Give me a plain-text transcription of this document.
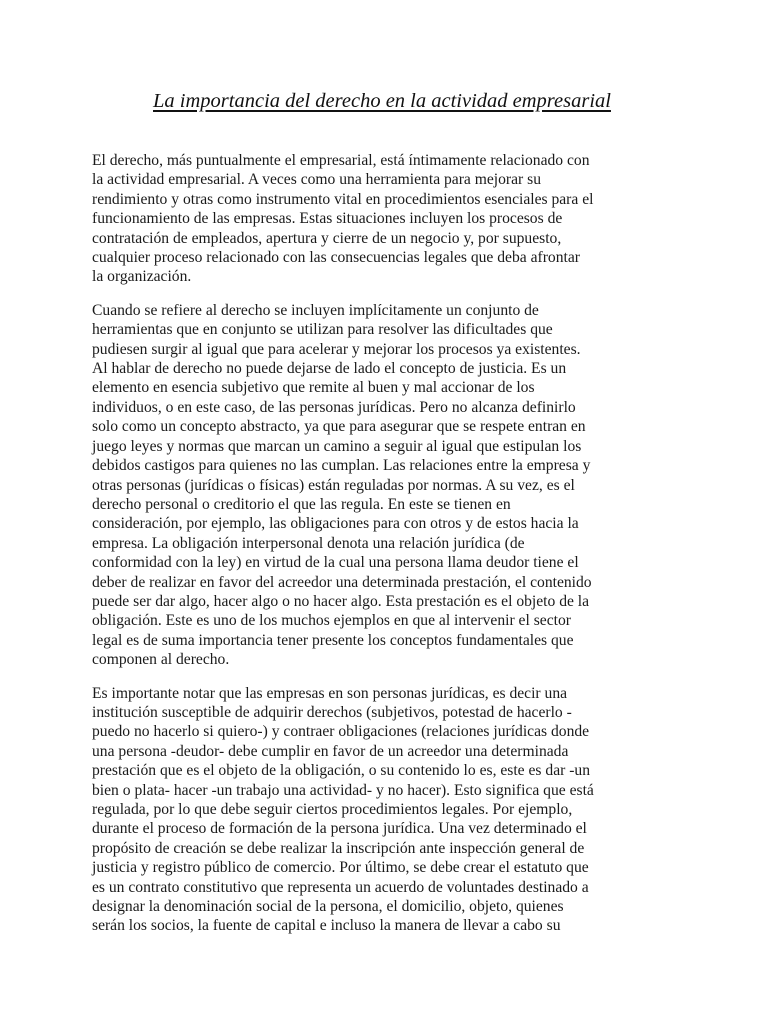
La importancia del derecho en la actividad empresarial

El derecho, más puntualmente el empresarial, está íntimamente relacionado con
la actividad empresarial. A veces como una herramienta para mejorar su
rendimiento y otras como instrumento vital en procedimientos esenciales para el
funcionamiento de las empresas. Estas situaciones incluyen los procesos de
contratación de empleados, apertura y cierre de un negocio y, por supuesto,
cualquier proceso relacionado con las consecuencias legales que deba afrontar
la organización.

Cuando se refiere al derecho se incluyen implícitamente un conjunto de
herramientas que en conjunto se utilizan para resolver las dificultades que
pudiesen surgir al igual que para acelerar y mejorar los procesos ya existentes.
Al hablar de derecho no puede dejarse de lado el concepto de justicia. Es un
elemento en esencia subjetivo que remite al buen y mal accionar de los
individuos, o en este caso, de las personas jurídicas. Pero no alcanza definirlo
solo como un concepto abstracto, ya que para asegurar que se respete entran en
juego leyes y normas que marcan un camino a seguir al igual que estipulan los
debidos castigos para quienes no las cumplan. Las relaciones entre la empresa y
otras personas (jurídicas o físicas) están reguladas por normas. A su vez, es el
derecho personal o creditorio el que las regula. En este se tienen en
consideración, por ejemplo, las obligaciones para con otros y de estos hacia la
empresa. La obligación interpersonal denota una relación jurídica (de
conformidad con la ley) en virtud de la cual una persona llama deudor tiene el
deber de realizar en favor del acreedor una determinada prestación, el contenido
puede ser dar algo, hacer algo o no hacer algo. Esta prestación es el objeto de la
obligación. Este es uno de los muchos ejemplos en que al intervenir el sector
legal es de suma importancia tener presente los conceptos fundamentales que
componen al derecho.

Es importante notar que las empresas en son personas jurídicas, es decir una
institución susceptible de adquirir derechos (subjetivos, potestad de hacerlo -
puedo no hacerlo si quiero-) y contraer obligaciones (relaciones jurídicas donde
una persona -deudor- debe cumplir en favor de un acreedor una determinada
prestación que es el objeto de la obligación, o su contenido lo es, este es dar -un
bien o plata- hacer -un trabajo una actividad- y no hacer). Esto significa que está
regulada, por lo que debe seguir ciertos procedimientos legales. Por ejemplo,
durante el proceso de formación de la persona jurídica. Una vez determinado el
propósito de creación se debe realizar la inscripción ante inspección general de
justicia y registro público de comercio. Por último, se debe crear el estatuto que
es un contrato constitutivo que representa un acuerdo de voluntades destinado a
designar la denominación social de la persona, el domicilio, objeto, quienes
serán los socios, la fuente de capital e incluso la manera de llevar a cabo su
